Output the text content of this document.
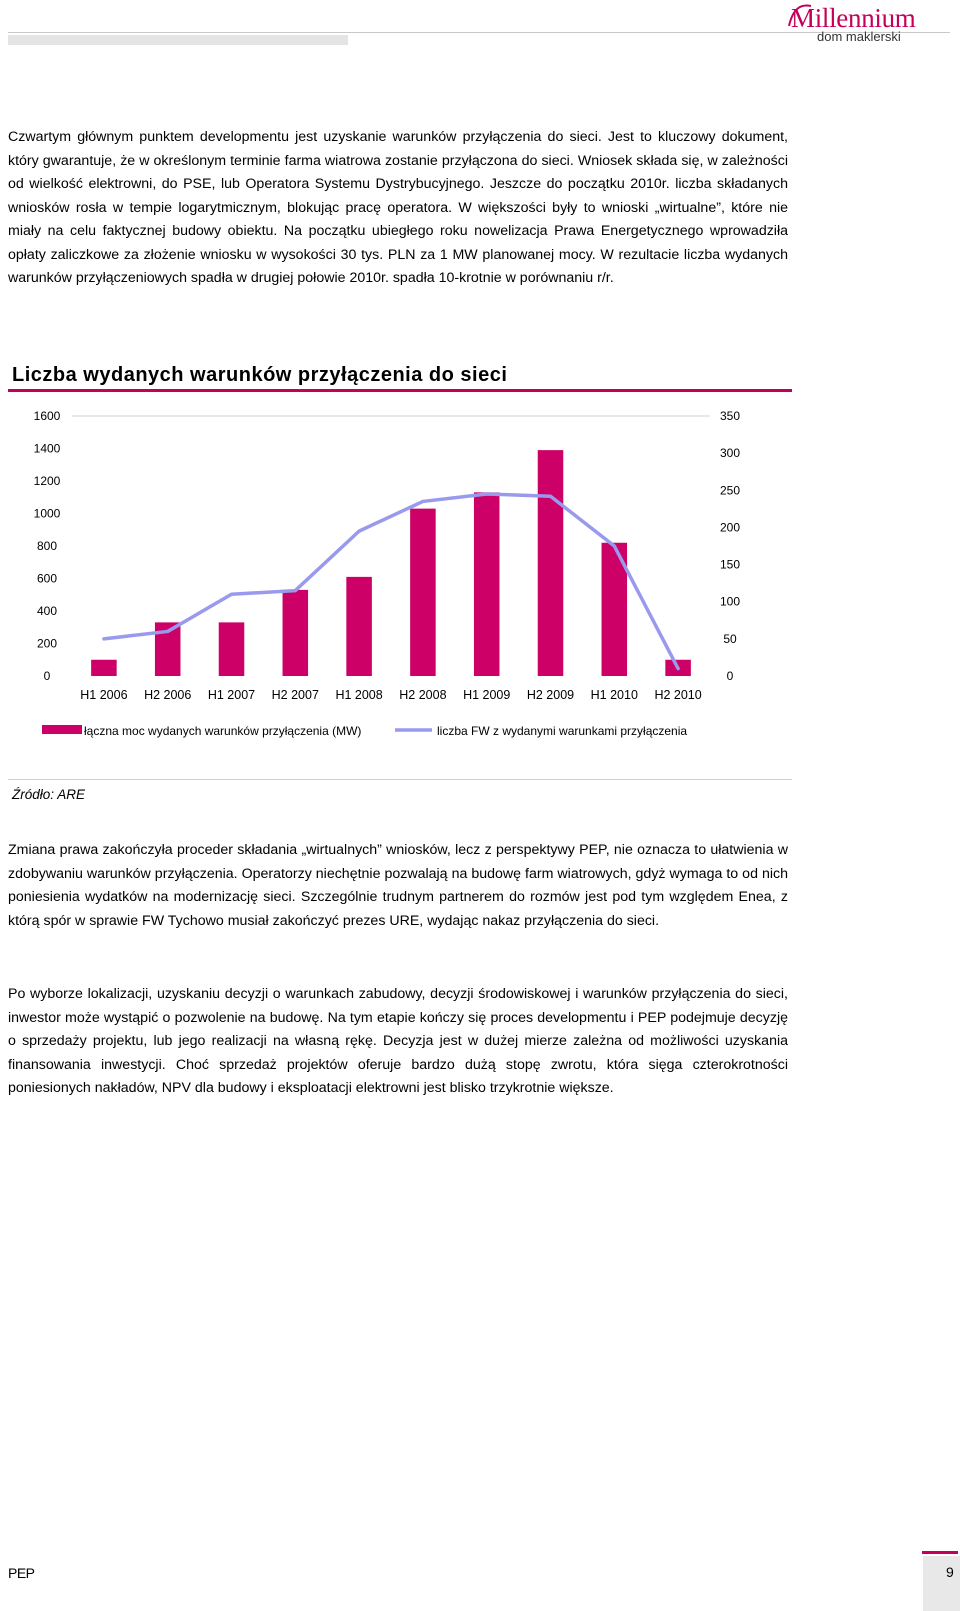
Millennium
dom maklerski

Czwartym głównym punktem developmentu jest uzyskanie warunków przyłączenia do sieci. Jest to kluczowy dokument, który gwarantuje, że w określonym terminie farma wiatrowa zostanie przyłączona do sieci. Wniosek składa się, w zależności od wielkość elektrowni, do PSE, lub Operatora Systemu Dystrybucyjnego. Jeszcze do początku 2010r. liczba składanych wniosków rosła w tempie logarytmicznym, blokując pracę operatora. W większości były to wnioski „wirtualne”, które nie miały na celu faktycznej budowy obiektu. Na początku ubiegłego roku nowelizacja Prawa Energetycznego wprowadziła opłaty zaliczkowe za złożenie wniosku w wysokości 30 tys. PLN za 1 MW planowanej mocy. W rezultacie liczba wydanych warunków przyłączeniowych spadła w drugiej połowie 2010r. spadła 10-krotnie w porównaniu r/r.

Liczba wydanych warunków przyłączenia do sieci
0
200
400
600
800
1000
1200
1400
1600
0
50
100
150
200
250
300
350
H1 2006 H2 2006 H1 2007 H2 2007 H1 2008 H2 2008 H1 2009 H2 2009 H1 2010 H2 2010
łączna moc wydanych warunków przyłączenia (MW)	liczba FW z wydanymi warunkami przyłączenia
Źródło: ARE

Zmiana prawa zakończyła proceder składania „wirtualnych” wniosków, lecz z perspektywy PEP, nie oznacza to ułatwienia w zdobywaniu warunków przyłączenia. Operatorzy niechętnie pozwalają na budowę farm wiatrowych, gdyż wymaga to od nich poniesienia wydatków na modernizację sieci. Szczególnie trudnym partnerem do rozmów jest pod tym względem Enea, z którą spór w sprawie FW Tychowo musiał zakończyć prezes URE, wydając nakaz przyłączenia do sieci.

Po wyborze lokalizacji, uzyskaniu decyzji o warunkach zabudowy, decyzji środowiskowej i warunków przyłączenia do sieci, inwestor może wystąpić o pozwolenie na budowę. Na tym etapie kończy się proces developmentu i PEP podejmuje decyzję o sprzedaży projektu, lub jego realizacji na własną rękę. Decyzja jest w dużej mierze zależna od możliwości uzyskania finansowania inwestycji. Choć sprzedaż projektów oferuje bardzo dużą stopę zwrotu, która sięga czterokrotności poniesionych nakładów, NPV dla budowy i eksploatacji elektrowni jest blisko trzykrotnie większe.

PEP	9
